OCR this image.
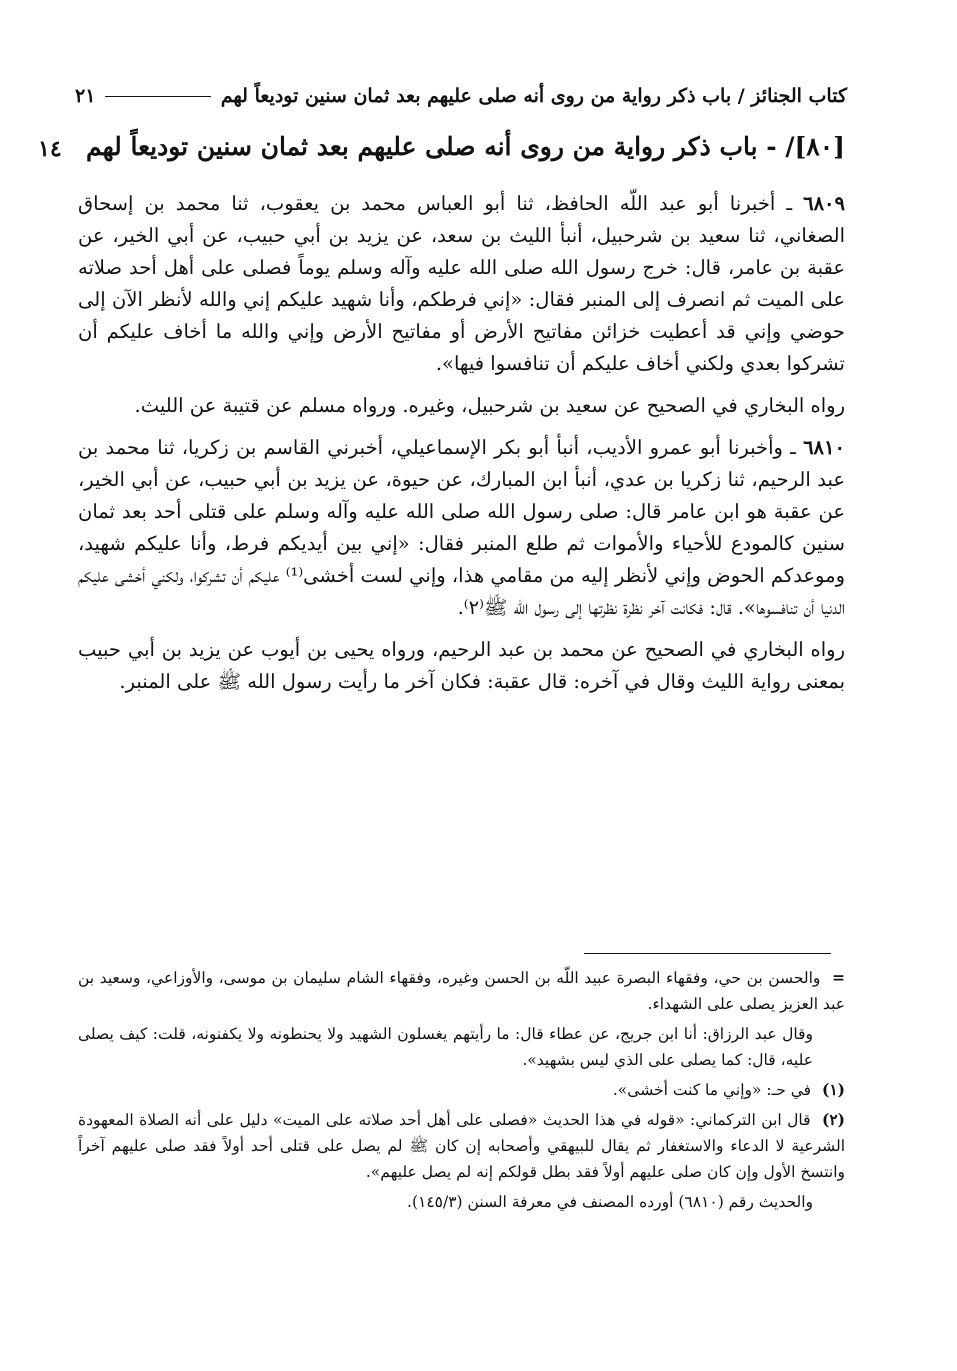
كتاب الجنائز / باب ذكر رواية من روى أنه صلى عليهم بعد ثمان سنين توديعاً لهم
٢١
١٤ [٨٠]/ - باب ذكر رواية من روى أنه صلى عليهم بعد ثمان سنين توديعاً لهم

٦٨٠٩ ـ أخبرنا أبو عبد اللّه الحافظ، ثنا أبو العباس محمد بن يعقوب، ثنا محمد بن إسحاق الصغاني، ثنا سعيد بن شرحبيل، أنبأ الليث بن سعد، عن يزيد بن أبي حبيب، عن أبي الخير، عن عقبة بن عامر، قال: خرج رسول الله صلى الله عليه وآله وسلم يوماً فصلى على أهل أحد صلاته على الميت ثم انصرف إلى المنبر فقال: «إني فرطكم، وأنا شهيد عليكم إني والله لأنظر الآن إلى حوضي وإني قد أعطيت خزائن مفاتيح الأرض أو مفاتيح الأرض وإني والله ما أخاف عليكم أن تشركوا بعدي ولكني أخاف عليكم أن تنافسوا فيها».

رواه البخاري في الصحيح عن سعيد بن شرحبيل، وغيره. ورواه مسلم عن قتيبة عن الليث.

٦٨١٠ ـ وأخبرنا أبو عمرو الأديب، أنبأ أبو بكر الإسماعيلي، أخبرني القاسم بن زكريا، ثنا محمد بن عبد الرحيم، ثنا زكريا بن عدي، أنبأ ابن المبارك، عن حيوة، عن يزيد بن أبي حبيب، عن أبي الخير، عن عقبة هو ابن عامر قال: صلى رسول الله صلى الله عليه وآله وسلم على قتلى أحد بعد ثمان سنين كالمودع للأحياء والأموات ثم طلع المنبر فقال: «إني بين أيديكم فرط، وأنا عليكم شهيد، وموعدكم الحوض وإني لأنظر إليه من مقامي هذا، وإني لست أخشى⁽¹⁾ عليكم أن تشركوا، ولكني أخشى عليكم الدنيا أن تنافسوها». قال: فكانت آخر نظرة نظرتها إلى رسول الله ﷺ⁽٢⁾.

رواه البخاري في الصحيح عن محمد بن عبد الرحيم، ورواه يحيى بن أيوب عن يزيد بن أبي حبيب بمعنى رواية الليث وقال في آخره: قال عقبة: فكان آخر ما رأيت رسول الله ﷺ على المنبر.

= والحسن بن حي، وفقهاء البصرة عبيد اللّه بن الحسن وغيره، وفقهاء الشام سليمان بن موسى، والأوزاعي، وسعيد بن عبد العزيز يصلى على الشهداء.

وقال عبد الرزاق: أنا ابن جريج، عن عطاء قال: ما رأيتهم يغسلون الشهيد ولا يحنطونه ولا يكفنونه، قلت: كيف يصلى عليه، قال: كما يصلى على الذي ليس بشهيد».

(١) في حـ: «وإني ما كنت أخشى».

(٢) قال ابن التركماني: «قوله في هذا الحديث «فصلى على أهل أحد صلاته على الميت» دليل على أنه الصلاة المعهودة الشرعية لا الدعاء والاستغفار ثم يقال للبيهقي وأصحابه إن كان ﷺ لم يصل على قتلى أحد أولاً فقد صلى عليهم آخراً وانتسخ الأول وإن كان صلى عليهم أولاً فقد بطل قولكم إنه لم يصل عليهم».

والحديث رقم (٦٨١٠) أورده المصنف في معرفة السنن (١٤٥/٣).
